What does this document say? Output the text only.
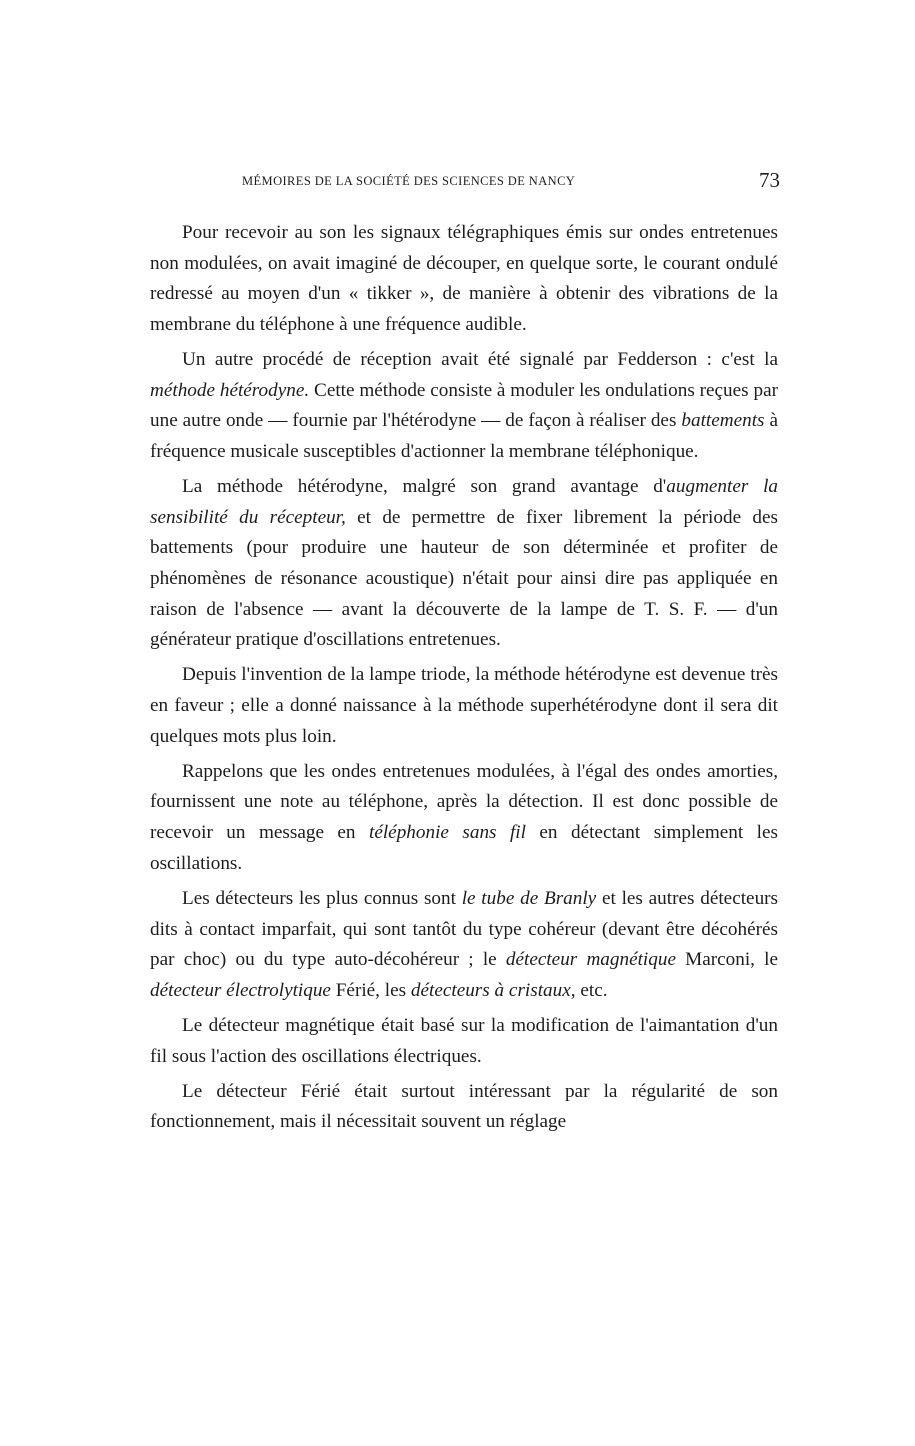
MÉMOIRES DE LA SOCIÉTÉ DES SCIENCES DE NANCY	73

Pour recevoir au son les signaux télégraphiques émis sur ondes entretenues non modulées, on avait imaginé de découper, en quelque sorte, le courant ondulé redressé au moyen d'un « tikker », de manière à obtenir des vibrations de la membrane du téléphone à une fréquence audible.

Un autre procédé de réception avait été signalé par Fedderson : c'est la méthode hétérodyne. Cette méthode consiste à moduler les ondulations reçues par une autre onde — fournie par l'hétérodyne — de façon à réaliser des battements à fréquence musicale susceptibles d'actionner la membrane téléphonique.

La méthode hétérodyne, malgré son grand avantage d'augmenter la sensibilité du récepteur, et de permettre de fixer librement la période des battements (pour produire une hauteur de son déterminée et profiter de phénomènes de résonance acoustique) n'était pour ainsi dire pas appliquée en raison de l'absence — avant la découverte de la lampe de T. S. F. — d'un générateur pratique d'oscillations entretenues.

Depuis l'invention de la lampe triode, la méthode hétérodyne est devenue très en faveur ; elle a donné naissance à la méthode superhétérodyne dont il sera dit quelques mots plus loin.

Rappelons que les ondes entretenues modulées, à l'égal des ondes amorties, fournissent une note au téléphone, après la détection. Il est donc possible de recevoir un message en téléphonie sans fil en détectant simplement les oscillations.

Les détecteurs les plus connus sont le tube de Branly et les autres détecteurs dits à contact imparfait, qui sont tantôt du type cohéreur (devant être décohérés par choc) ou du type auto-décohéreur ; le détecteur magnétique Marconi, le détecteur électrolytique Férié, les détecteurs à cristaux, etc.

Le détecteur magnétique était basé sur la modification de l'aimantation d'un fil sous l'action des oscillations électriques.

Le détecteur Férié était surtout intéressant par la régularité de son fonctionnement, mais il nécessitait souvent un réglage
